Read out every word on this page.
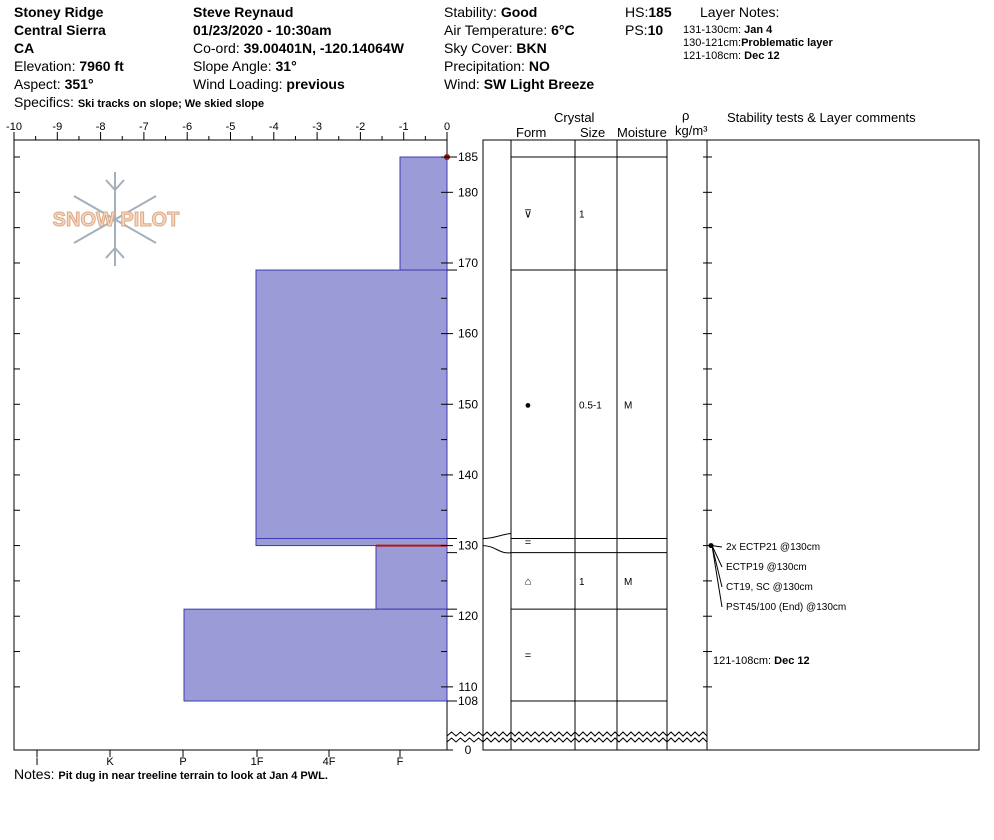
Stoney Ridge
Central Sierra
CA
Elevation: 7960 ft
Aspect: 351°
Specifics: Ski tracks on slope; We skied slope
Steve Reynaud
01/23/2020 - 10:30am
Co-ord: 39.00401N, -120.14064W
Slope Angle: 31°
Wind Loading: previous
Stability: Good
Air Temperature: 6°C
Sky Cover: BKN
Precipitation: NO
Wind: SW Light Breeze
HS:185
PS:10
Layer Notes:
131-130cm: Jan 4
130-121cm:Problematic layer
121-108cm: Dec 12
Crystal
Form	Size Moisture
ρ
kg/m³
Stability tests & Layer comments
Notes: Pit dug in near treeline terrain to look at Jan 4 PWL.
SNOW PILOT
-10	-9	-8	-7	-6	-5	-4	-3	-2	-1	0
I	K	P	1F	4F	F
185
180
170
160
150
140
130
120
110
108
0
⊽	1
●	0.5-1 M
=
⌂	1	M
=
2x ECTP21 @130cm
ECTP19 @130cm
CT19, SC @130cm
PST45/100 (End) @130cm
121-108cm: Dec 12
